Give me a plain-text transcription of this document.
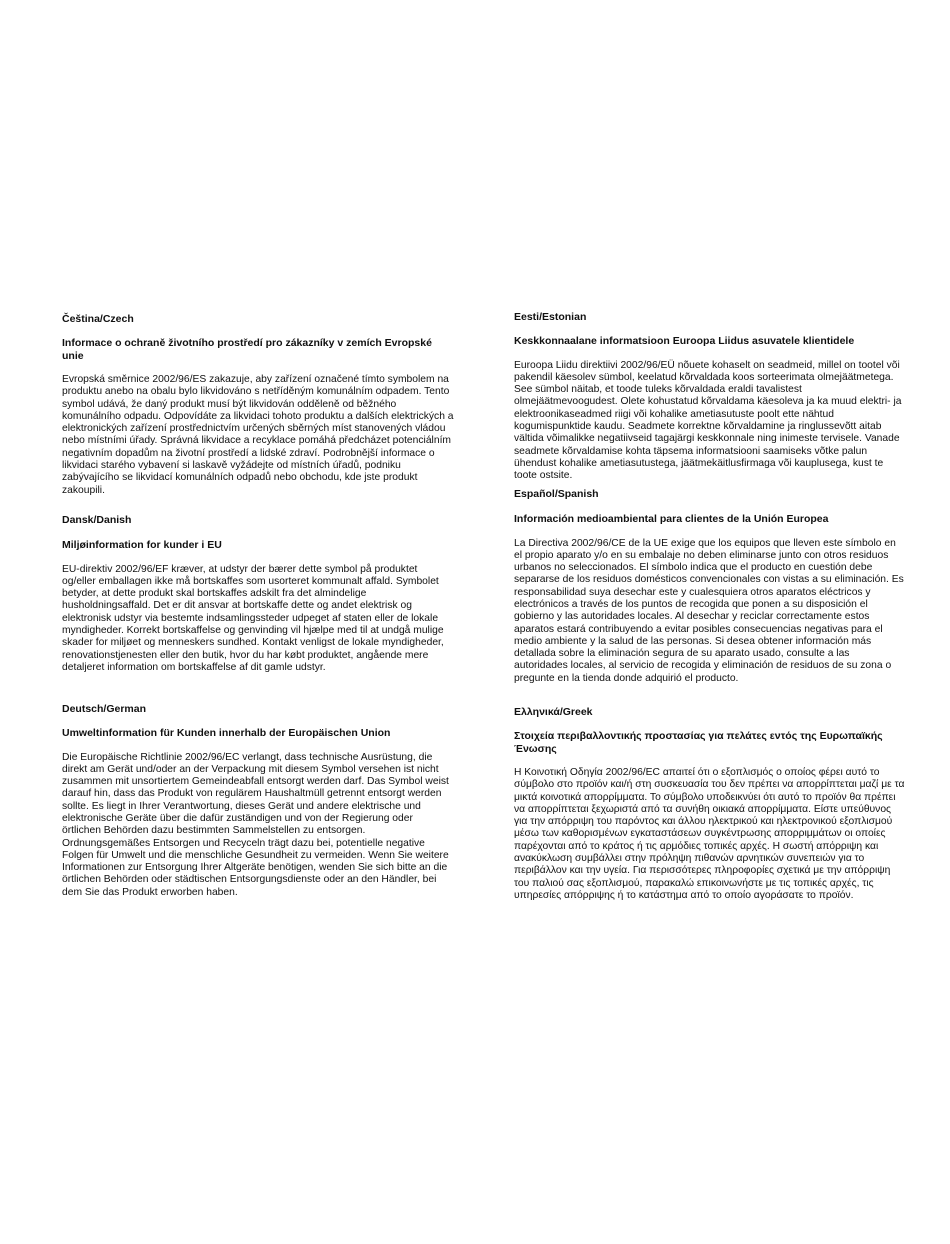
Čeština/Czech

Informace o ochraně životního prostředí pro zákazníky v zemích Evropské unie

Evropská směrnice 2002/96/ES zakazuje, aby zařízení označené tímto symbolem na produktu anebo na obalu bylo likvidováno s netříděným komunálním odpadem. Tento symbol udává, že daný produkt musí být likvidován odděleně od běžného komunálního odpadu. Odpovídáte za likvidaci tohoto produktu a dalších elektrických a elektronických zařízení prostřednictvím určených sběrných míst stanovených vládou nebo místními úřady. Správná likvidace a recyklace pomáhá předcházet potenciálním negativním dopadům na životní prostředí a lidské zdraví. Podrobnější informace o likvidaci starého vybavení si laskavě vyžádejte od místních úřadů, podniku zabývajícího se likvidací komunálních odpadů nebo obchodu, kde jste produkt zakoupili.

Dansk/Danish

Miljøinformation for kunder i EU

EU-direktiv 2002/96/EF kræver, at udstyr der bærer dette symbol på produktet og/eller emballagen ikke må bortskaffes som usorteret kommunalt affald. Symbolet betyder, at dette produkt skal bortskaffes adskilt fra det almindelige husholdningsaffald. Det er dit ansvar at bortskaffe dette og andet elektrisk og elektronisk udstyr via bestemte indsamlingssteder udpeget af staten eller de lokale myndigheder. Korrekt bortskaffelse og genvinding vil hjælpe med til at undgå mulige skader for miljøet og menneskers sundhed. Kontakt venligst de lokale myndigheder, renovationstjenesten eller den butik, hvor du har købt produktet, angående mere detaljeret information om bortskaffelse af dit gamle udstyr.

Deutsch/German

Umweltinformation für Kunden innerhalb der Europäischen Union

Die Europäische Richtlinie 2002/96/EC verlangt, dass technische Ausrüstung, die direkt am Gerät und/oder an der Verpackung mit diesem Symbol versehen ist nicht zusammen mit unsortiertem Gemeindeabfall entsorgt werden darf. Das Symbol weist darauf hin, dass das Produkt von regulärem Haushaltmüll getrennt entsorgt werden sollte. Es liegt in Ihrer Verantwortung, dieses Gerät und andere elektrische und elektronische Geräte über die dafür zuständigen und von der Regierung oder örtlichen Behörden dazu bestimmten Sammelstellen zu entsorgen. Ordnungsgemäßes Entsorgen und Recyceln trägt dazu bei, potentielle negative Folgen für Umwelt und die menschliche Gesundheit zu vermeiden. Wenn Sie weitere Informationen zur Entsorgung Ihrer Altgeräte benötigen, wenden Sie sich bitte an die örtlichen Behörden oder städtischen Entsorgungsdienste oder an den Händler, bei dem Sie das Produkt erworben haben.

Eesti/Estonian

Keskkonnaalane informatsioon Euroopa Liidus asuvatele klientidele

Euroopa Liidu direktiivi 2002/96/EÜ nõuete kohaselt on seadmeid, millel on tootel või pakendil käesolev sümbol, keelatud kõrvaldada koos sorteerimata olmejäätmetega. See sümbol näitab, et toode tuleks kõrvaldada eraldi tavalistest olmejäätmevoogudest. Olete kohustatud kõrvaldama käesoleva ja ka muud elektri- ja elektroonikaseadmed riigi või kohalike ametiasutuste poolt ette nähtud kogumispunktide kaudu. Seadmete korrektne kõrvaldamine ja ringlussevõtt aitab vältida võimalikke negatiivseid tagajärgi keskkonnale ning inimeste tervisele. Vanade seadmete kõrvaldamise kohta täpsema informatsiooni saamiseks võtke palun ühendust kohalike ametiasutustega, jäätmekäitlusfirmaga või kauplusega, kust te toote ostsite.

Español/Spanish

Información medioambiental para clientes de la Unión Europea

La Directiva 2002/96/CE de la UE exige que los equipos que lleven este símbolo en el propio aparato y/o en su embalaje no deben eliminarse junto con otros residuos urbanos no seleccionados. El símbolo indica que el producto en cuestión debe separarse de los residuos domésticos convencionales con vistas a su eliminación. Es responsabilidad suya desechar este y cualesquiera otros aparatos eléctricos y electrónicos a través de los puntos de recogida que ponen a su disposición el gobierno y las autoridades locales. Al desechar y reciclar correctamente estos aparatos estará contribuyendo a evitar posibles consecuencias negativas para el medio ambiente y la salud de las personas. Si desea obtener información más detallada sobre la eliminación segura de su aparato usado, consulte a las autoridades locales, al servicio de recogida y eliminación de residuos de su zona o pregunte en la tienda donde adquirió el producto.

Ελληνικά/Greek

Στοιχεία περιβαλλοντικής προστασίας για πελάτες εντός της Ευρωπαϊκής Ένωσης

Η Κοινοτική Οδηγία 2002/96/EC απαιτεί ότι ο εξοπλισμός ο οποίος φέρει αυτό το σύμβολο στο προϊόν και/ή στη συσκευασία του δεν πρέπει να απορρίπτεται μαζί με τα μικτά κοινοτικά απορρίμματα. Το σύμβολο υποδεικνύει ότι αυτό το προϊόν θα πρέπει να απορρίπτεται ξεχωριστά από τα συνήθη οικιακά απορρίμματα. Είστε υπεύθυνος για την απόρριψη του παρόντος και άλλου ηλεκτρικού και ηλεκτρονικού εξοπλισμού μέσω των καθορισμένων εγκαταστάσεων συγκέντρωσης απορριμμάτων οι οποίες παρέχονται από το κράτος ή τις αρμόδιες τοπικές αρχές. Η σωστή απόρριψη και ανακύκλωση συμβάλλει στην πρόληψη πιθανών αρνητικών συνεπειών για το περιβάλλον και την υγεία. Για περισσότερες πληροφορίες σχετικά με την απόρριψη του παλιού σας εξοπλισμού, παρακαλώ επικοινωνήστε με τις τοπικές αρχές, τις υπηρεσίες απόρριψης ή το κατάστημα από το οποίο αγοράσατε το προϊόν.
